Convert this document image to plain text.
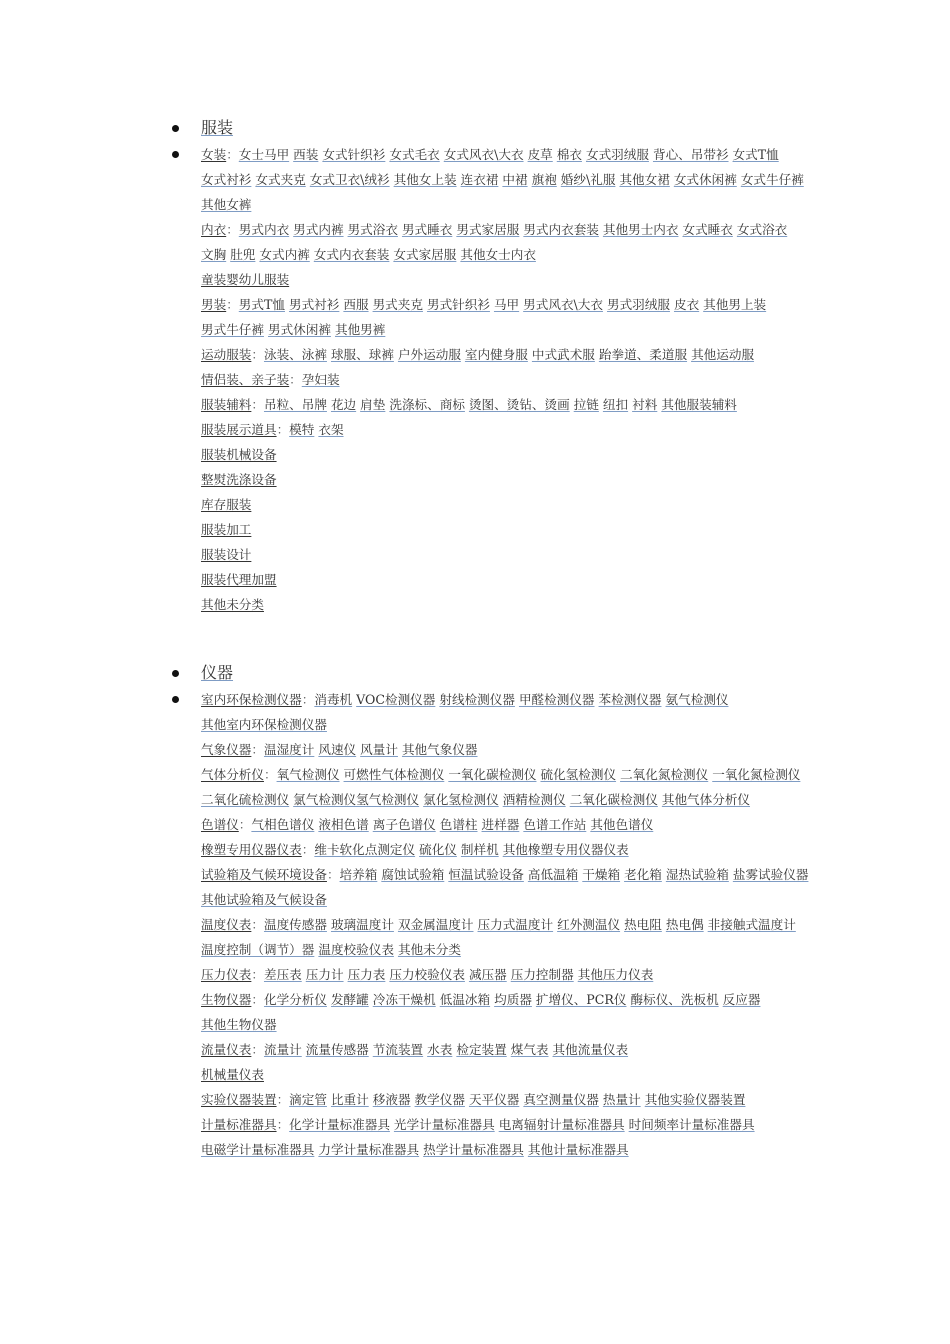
服装

女装：女士马甲 西装 女式针织衫 女式毛衣 女式风衣\大衣 皮草 棉衣 女式羽绒服 背心、吊带衫 女式T恤 女式衬衫 女式夹克 女式卫衣\绒衫 其他女上装 连衣裙 中裙 旗袍 婚纱\礼服 其他女裙 女式休闲裤 女式牛仔裤 其他女裤

内衣：男式内衣 男式内裤 男式浴衣 男式睡衣 男式家居服 男式内衣套装 其他男士内衣 女式睡衣 女式浴衣 文胸 肚兜 女式内裤 女式内衣套装 女式家居服 其他女士内衣

童装婴幼儿服装

男装：男式T恤 男式衬衫 西服 男式夹克 男式针织衫 马甲 男式风衣\大衣 男式羽绒服 皮衣 其他男上装 男式牛仔裤 男式休闲裤 其他男裤

运动服装：泳装、泳裤 球服、球裤 户外运动服 室内健身服 中式武术服 跆拳道、柔道服 其他运动服

情侣装、亲子装：孕妇装

服装辅料：吊粒、吊牌 花边 肩垫 洗涤标、商标 烫图、烫钻、烫画 拉链 纽扣 衬料 其他服装辅料

服装展示道具：模特 衣架

服装机械设备

整熨洗涤设备

库存服装

服装加工

服装设计

服装代理加盟

其他未分类

仪器

室内环保检测仪器：消毒机 VOC检测仪器 射线检测仪器 甲醛检测仪器 苯检测仪器 氨气检测仪 其他室内环保检测仪器

气象仪器：温湿度计 风速仪 风量计 其他气象仪器

气体分析仪：氧气检测仪 可燃性气体检测仪 一氧化碳检测仪 硫化氢检测仪 二氧化氮检测仪 一氧化氮检测仪 二氧化硫检测仪 氯气检测仪氢气检测仪 氯化氢检测仪 酒精检测仪 二氧化碳检测仪 其他气体分析仪

色谱仪：气相色谱仪 液相色谱 离子色谱仪 色谱柱 进样器 色谱工作站 其他色谱仪

橡塑专用仪器仪表：维卡软化点测定仪 硫化仪 制样机 其他橡塑专用仪器仪表

试验箱及气候环境设备：培养箱 腐蚀试验箱 恒温试验设备 高低温箱 干燥箱 老化箱 湿热试验箱 盐雾试验仪器 其他试验箱及气候设备

温度仪表：温度传感器 玻璃温度计 双金属温度计 压力式温度计 红外测温仪 热电阻 热电偶 非接触式温度计 温度控制（调节）器 温度校验仪表 其他未分类

压力仪表：差压表 压力计 压力表 压力校验仪表 减压器 压力控制器 其他压力仪表

生物仪器：化学分析仪 发酵罐 冷冻干燥机 低温冰箱 均质器 扩增仪、PCR仪 酶标仪、洗板机 反应器 其他生物仪器

流量仪表：流量计 流量传感器 节流装置 水表 检定装置 煤气表 其他流量仪表

机械量仪表

实验仪器装置：滴定管 比重计 移液器 教学仪器 天平仪器 真空测量仪器 热量计 其他实验仪器装置

计量标准器具：化学计量标准器具 光学计量标准器具 电离辐射计量标准器具 时间频率计量标准器具 电磁学计量标准器具 力学计量标准器具 热学计量标准器具 其他计量标准器具
